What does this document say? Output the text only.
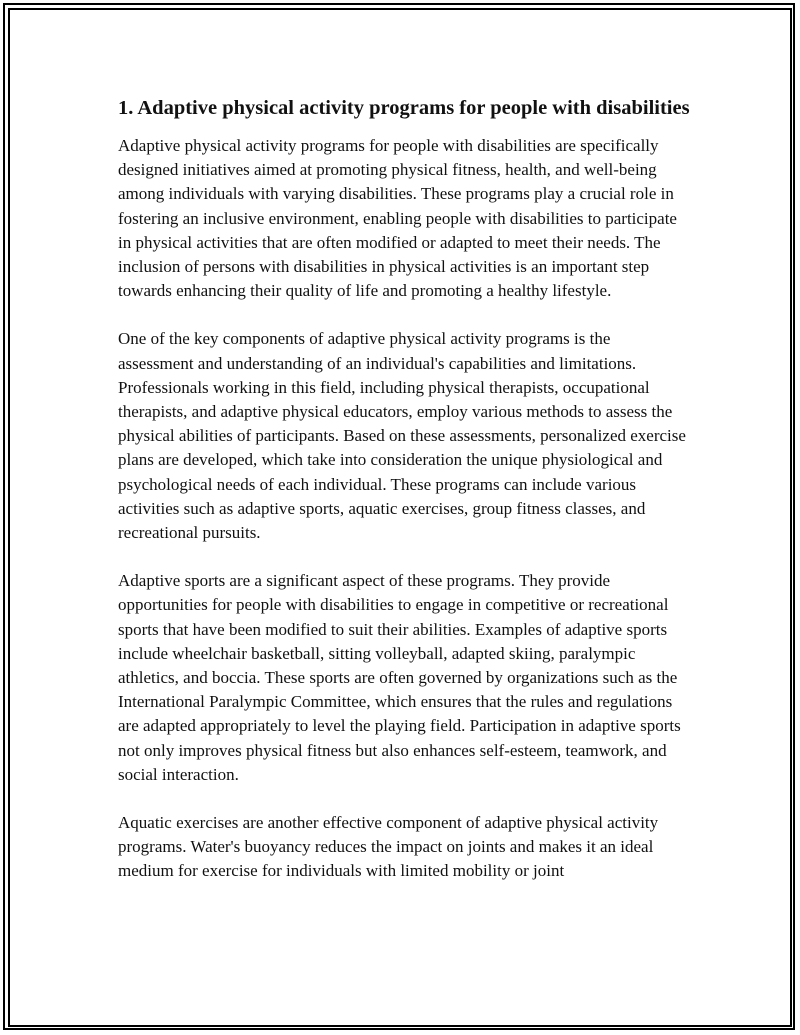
1. Adaptive physical activity programs for people with disabilities

Adaptive physical activity programs for people with disabilities are specifically designed initiatives aimed at promoting physical fitness, health, and well-being among individuals with varying disabilities. These programs play a crucial role in fostering an inclusive environment, enabling people with disabilities to participate in physical activities that are often modified or adapted to meet their needs. The inclusion of persons with disabilities in physical activities is an important step towards enhancing their quality of life and promoting a healthy lifestyle.

One of the key components of adaptive physical activity programs is the assessment and understanding of an individual's capabilities and limitations. Professionals working in this field, including physical therapists, occupational therapists, and adaptive physical educators, employ various methods to assess the physical abilities of participants. Based on these assessments, personalized exercise plans are developed, which take into consideration the unique physiological and psychological needs of each individual. These programs can include various activities such as adaptive sports, aquatic exercises, group fitness classes, and recreational pursuits.

Adaptive sports are a significant aspect of these programs. They provide opportunities for people with disabilities to engage in competitive or recreational sports that have been modified to suit their abilities. Examples of adaptive sports include wheelchair basketball, sitting volleyball, adapted skiing, paralympic athletics, and boccia. These sports are often governed by organizations such as the International Paralympic Committee, which ensures that the rules and regulations are adapted appropriately to level the playing field. Participation in adaptive sports not only improves physical fitness but also enhances self-esteem, teamwork, and social interaction.

Aquatic exercises are another effective component of adaptive physical activity programs. Water's buoyancy reduces the impact on joints and makes it an ideal medium for exercise for individuals with limited mobility or joint
